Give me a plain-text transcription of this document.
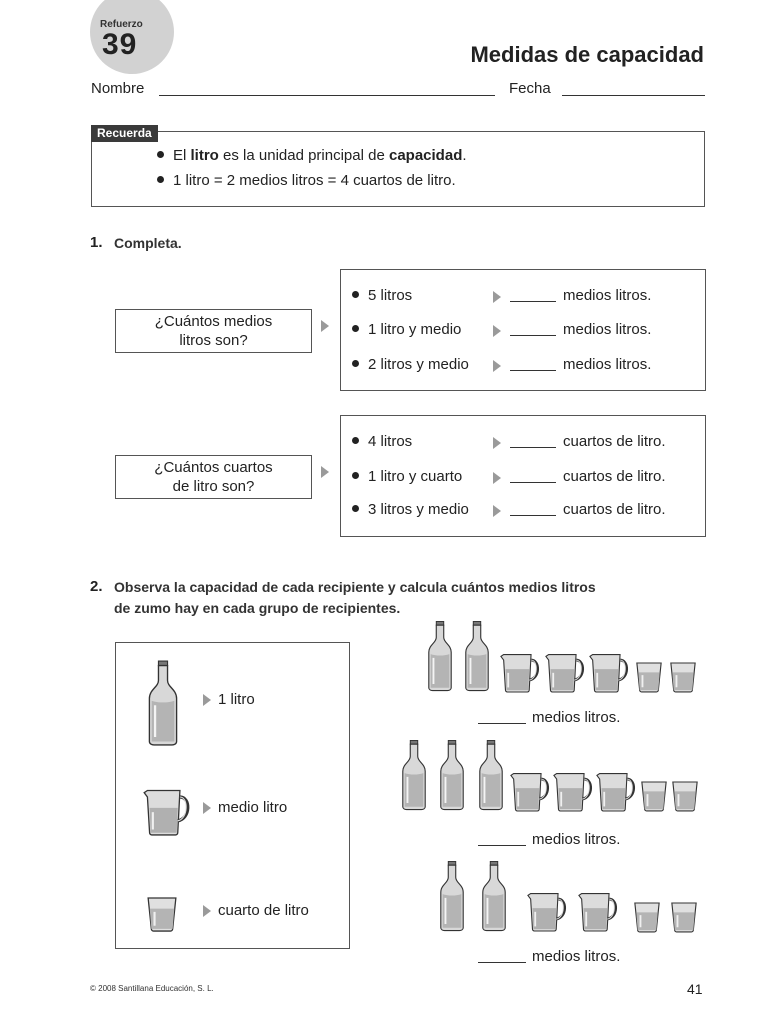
Refuerzo
39	Medidas de capacidad
Nombre	Fecha
Recuerda
El litro es la unidad principal de capacidad.
1 litro = 2 medios litros = 4 cuartos de litro.
1. Completa.
¿Cuántos medios
litros son?
5 litros	medios litros.
1 litro y medio	medios litros.
2 litros y medio	medios litros.
¿Cuántos cuartos
de litro son?
4 litros	cuartos de litro.
1 litro y cuarto	cuartos de litro.
3 litros y medio	cuartos de litro.
2. Observa la capacidad de cada recipiente y calcula cuántos medios litros
de zumo hay en cada grupo de recipientes.
1 litro
medio litro
cuarto de litro
medios litros.
medios litros.
medios litros.
© 2008 Santillana Educación, S. L.	41
